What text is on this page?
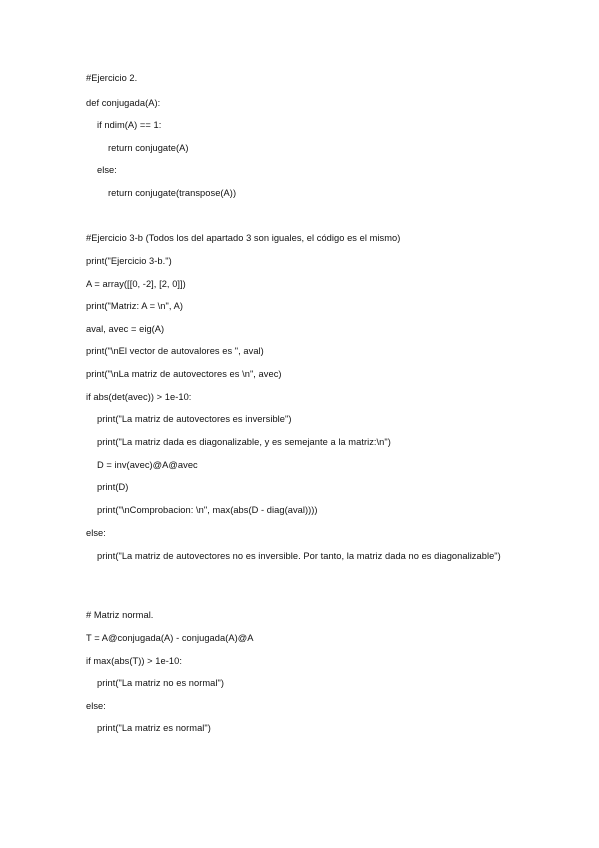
#Ejercicio 2.
def conjugada(A):
if ndim(A) == 1:
return conjugate(A)
else:
return conjugate(transpose(A))
#Ejercicio 3-b (Todos los del apartado 3 son iguales, el código es el mismo)
print("Ejercicio 3-b.")
A = array([[0, -2], [2, 0]])
print("Matriz: A = \n", A)
aval, avec = eig(A)
print("\nEl vector de autovalores es ", aval)
print("\nLa matriz de autovectores es \n", avec)
if abs(det(avec)) > 1e-10:
print("La matriz de autovectores es inversible")
print("La matriz dada es diagonalizable, y es semejante a la matriz:\n")
D = inv(avec)@A@avec
print(D)
print("\nComprobacion: \n", max(abs(D - diag(aval))))
else:
print("La matriz de autovectores no es inversible. Por tanto, la matriz dada no es diagonalizable")
# Matriz normal.
T = A@conjugada(A) - conjugada(A)@A
if max(abs(T)) > 1e-10:
print("La matriz no es normal")
else:
print("La matriz es normal")
